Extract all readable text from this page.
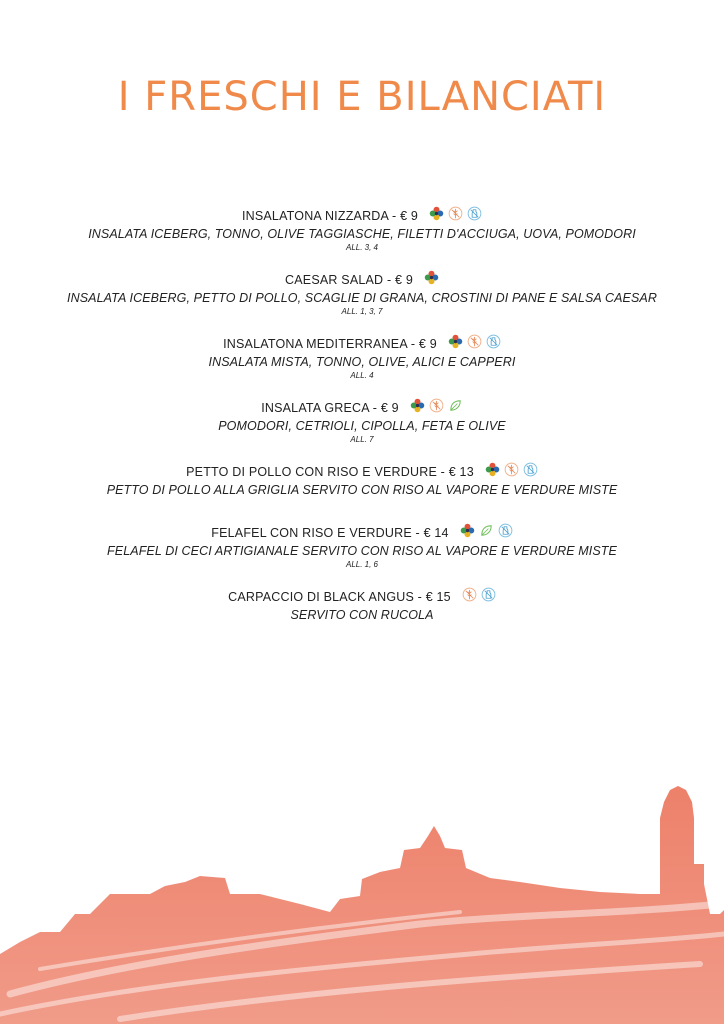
I FRESCHI E BILANCIATI
INSALATONA NIZZARDA - € 9
INSALATA ICEBERG, TONNO, OLIVE TAGGIASCHE, FILETTI D'ACCIUGA, UOVA, POMODORI
ALL. 3, 4
CAESAR SALAD - € 9
INSALATA ICEBERG, PETTO DI POLLO, SCAGLIE DI GRANA, CROSTINI DI PANE E SALSA CAESAR
ALL. 1, 3, 7
INSALATONA MEDITERRANEA - € 9
INSALATA MISTA, TONNO, OLIVE, ALICI E CAPPERI
ALL. 4
INSALATA GRECA - € 9
POMODORI, CETRIOLI, CIPOLLA, FETA E OLIVE
ALL. 7
PETTO DI POLLO CON RISO E VERDURE - € 13
PETTO DI POLLO ALLA GRIGLIA SERVITO CON RISO AL VAPORE E VERDURE MISTE
FELAFEL CON RISO E VERDURE - € 14
FELAFEL DI CECI ARTIGIANALE SERVITO CON RISO AL VAPORE E VERDURE MISTE
ALL. 1, 6
CARPACCIO DI BLACK ANGUS - € 15
SERVITO CON RUCOLA
